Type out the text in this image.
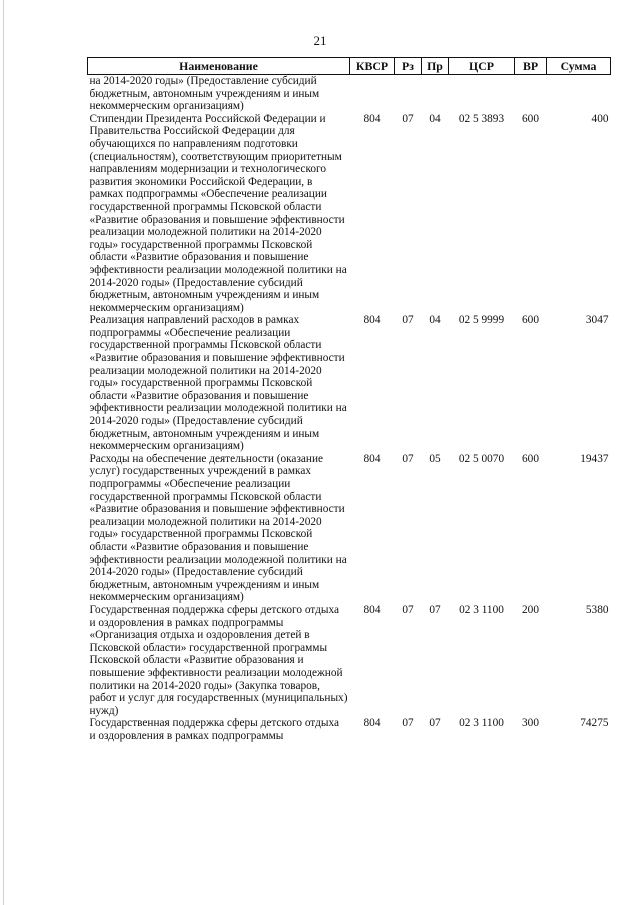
21
Наименование	КВСР	Рз	Пр	ЦСР	ВР	Сумма
на 2014-2020 годы» (Предоставление субсидий бюджетным, автономным учреждениям и иным некоммерческим организациям)						
Стипендии Президента Российской Федерации и Правительства Российской Федерации для обучающихся по направлениям подготовки (специальностям), соответствующим приоритетным направлениям модернизации и технологического развития экономики Российской Федерации, в рамках подпрограммы «Обеспечение реализации государственной программы Псковской области «Развитие образования и повышение эффективности реализации молодежной политики на 2014-2020 годы» государственной программы Псковской области «Развитие образования и повышение эффективности реализации молодежной политики на 2014-2020 годы» (Предоставление субсидий бюджетным, автономным учреждениям и иным некоммерческим организациям)	804	07	04	02 5 3893	600	400
Реализация направлений расходов в рамках подпрограммы «Обеспечение реализации государственной программы Псковской области «Развитие образования и повышение эффективности реализации молодежной политики на 2014-2020 годы» государственной программы Псковской области «Развитие образования и повышение эффективности реализации молодежной политики на 2014-2020 годы» (Предоставление субсидий бюджетным, автономным учреждениям и иным некоммерческим организациям)	804	07	04	02 5 9999	600	3047
Расходы на обеспечение деятельности (оказание услуг) государственных учреждений в рамках подпрограммы «Обеспечение реализации государственной программы Псковской области «Развитие образования и повышение эффективности реализации молодежной политики на 2014-2020 годы» государственной программы Псковской области «Развитие образования и повышение эффективности реализации молодежной политики на 2014-2020 годы» (Предоставление субсидий бюджетным, автономным учреждениям и иным некоммерческим организациям)	804	07	05	02 5 0070	600	19437
Государственная поддержка сферы детского отдыха и оздоровления в рамках подпрограммы «Организация отдыха и оздоровления детей в Псковской области» государственной программы Псковской области «Развитие образования и повышение эффективности реализации молодежной политики на 2014-2020 годы» (Закупка товаров, работ и услуг для государственных (муниципальных) нужд)	804	07	07	02 3 1100	200	5380
Государственная поддержка сферы детского отдыха и оздоровления в рамках подпрограммы	804	07	07	02 3 1100	300	74275
